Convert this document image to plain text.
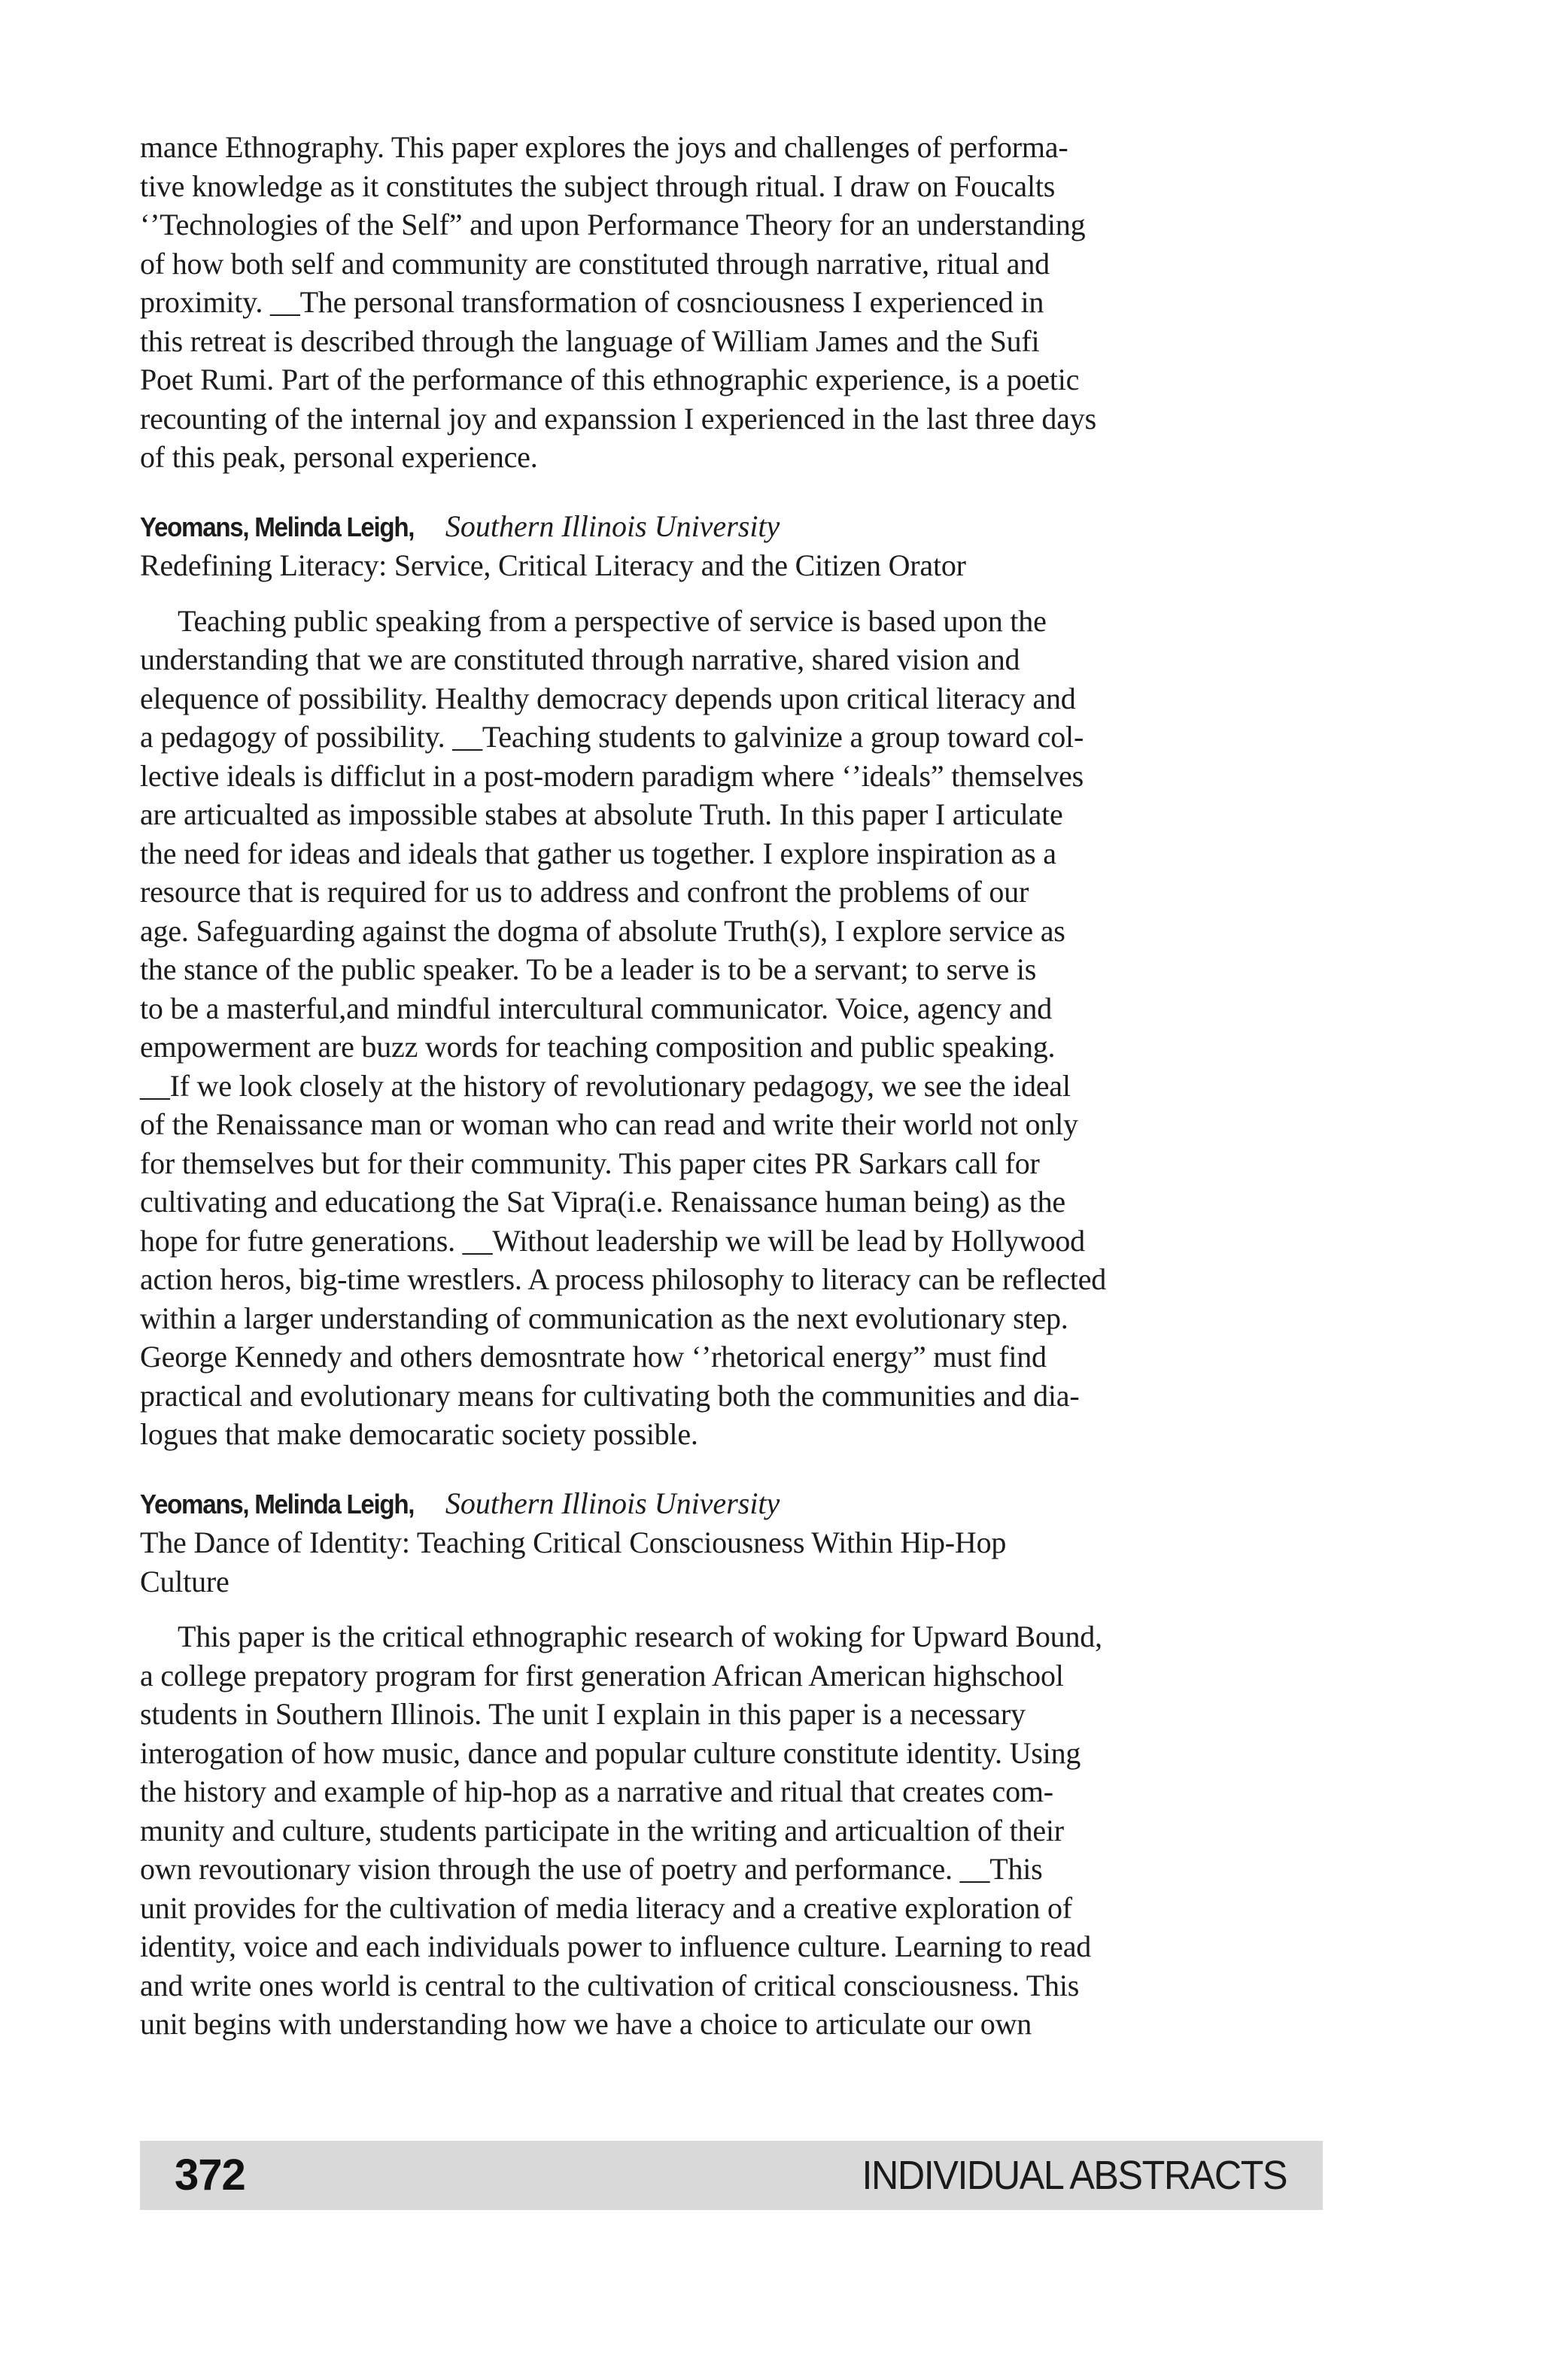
mance Ethnography. This paper explores the joys and challenges of performa-
tive knowledge as it constitutes the subject through ritual. I draw on Foucalts
‘’Technologies of the Self” and upon Performance Theory for an understanding
of how both self and community are constituted through narrative, ritual and
proximity. __The personal transformation of cosnciousness I experienced in
this retreat is described through the language of William James and the Sufi
Poet Rumi. Part of the performance of this ethnographic experience, is a poetic
recounting of the internal joy and expanssion I experienced in the last three days
of this peak, personal experience.
Yeomans, Melinda Leigh, Southern Illinois University
Redefining Literacy: Service, Critical Literacy and the Citizen Orator
Teaching public speaking from a perspective of service is based upon the
understanding that we are constituted through narrative, shared vision and
elequence of possibility. Healthy democracy depends upon critical literacy and
a pedagogy of possibility. __Teaching students to galvinize a group toward col-
lective ideals is difficlut in a post-modern paradigm where ‘’ideals” themselves
are articualted as impossible stabes at absolute Truth. In this paper I articulate
the need for ideas and ideals that gather us together. I explore inspiration as a
resource that is required for us to address and confront the problems of our
age. Safeguarding against the dogma of absolute Truth(s), I explore service as
the stance of the public speaker. To be a leader is to be a servant; to serve is
to be a masterful,and mindful intercultural communicator. Voice, agency and
empowerment are buzz words for teaching composition and public speaking.
__If we look closely at the history of revolutionary pedagogy, we see the ideal
of the Renaissance man or woman who can read and write their world not only
for themselves but for their community. This paper cites PR Sarkars call for
cultivating and educationg the Sat Vipra(i.e. Renaissance human being) as the
hope for futre generations. __Without leadership we will be lead by Hollywood
action heros, big-time wrestlers. A process philosophy to literacy can be reflected
within a larger understanding of communication as the next evolutionary step.
George Kennedy and others demosntrate how ‘’rhetorical energy” must find
practical and evolutionary means for cultivating both the communities and dia-
logues that make democaratic society possible.
Yeomans, Melinda Leigh, Southern Illinois University
The Dance of Identity: Teaching Critical Consciousness Within Hip-Hop
Culture
This paper is the critical ethnographic research of woking for Upward Bound,
a college prepatory program for first generation African American highschool
students in Southern Illinois. The unit I explain in this paper is a necessary
interogation of how music, dance and popular culture constitute identity. Using
the history and example of hip-hop as a narrative and ritual that creates com-
munity and culture, students participate in the writing and articualtion of their
own revoutionary vision through the use of poetry and performance. __This
unit provides for the cultivation of media literacy and a creative exploration of
identity, voice and each individuals power to influence culture. Learning to read
and write ones world is central to the cultivation of critical consciousness. This
unit begins with understanding how we have a choice to articulate our own
372	INDIVIDUAL ABSTRACTS
